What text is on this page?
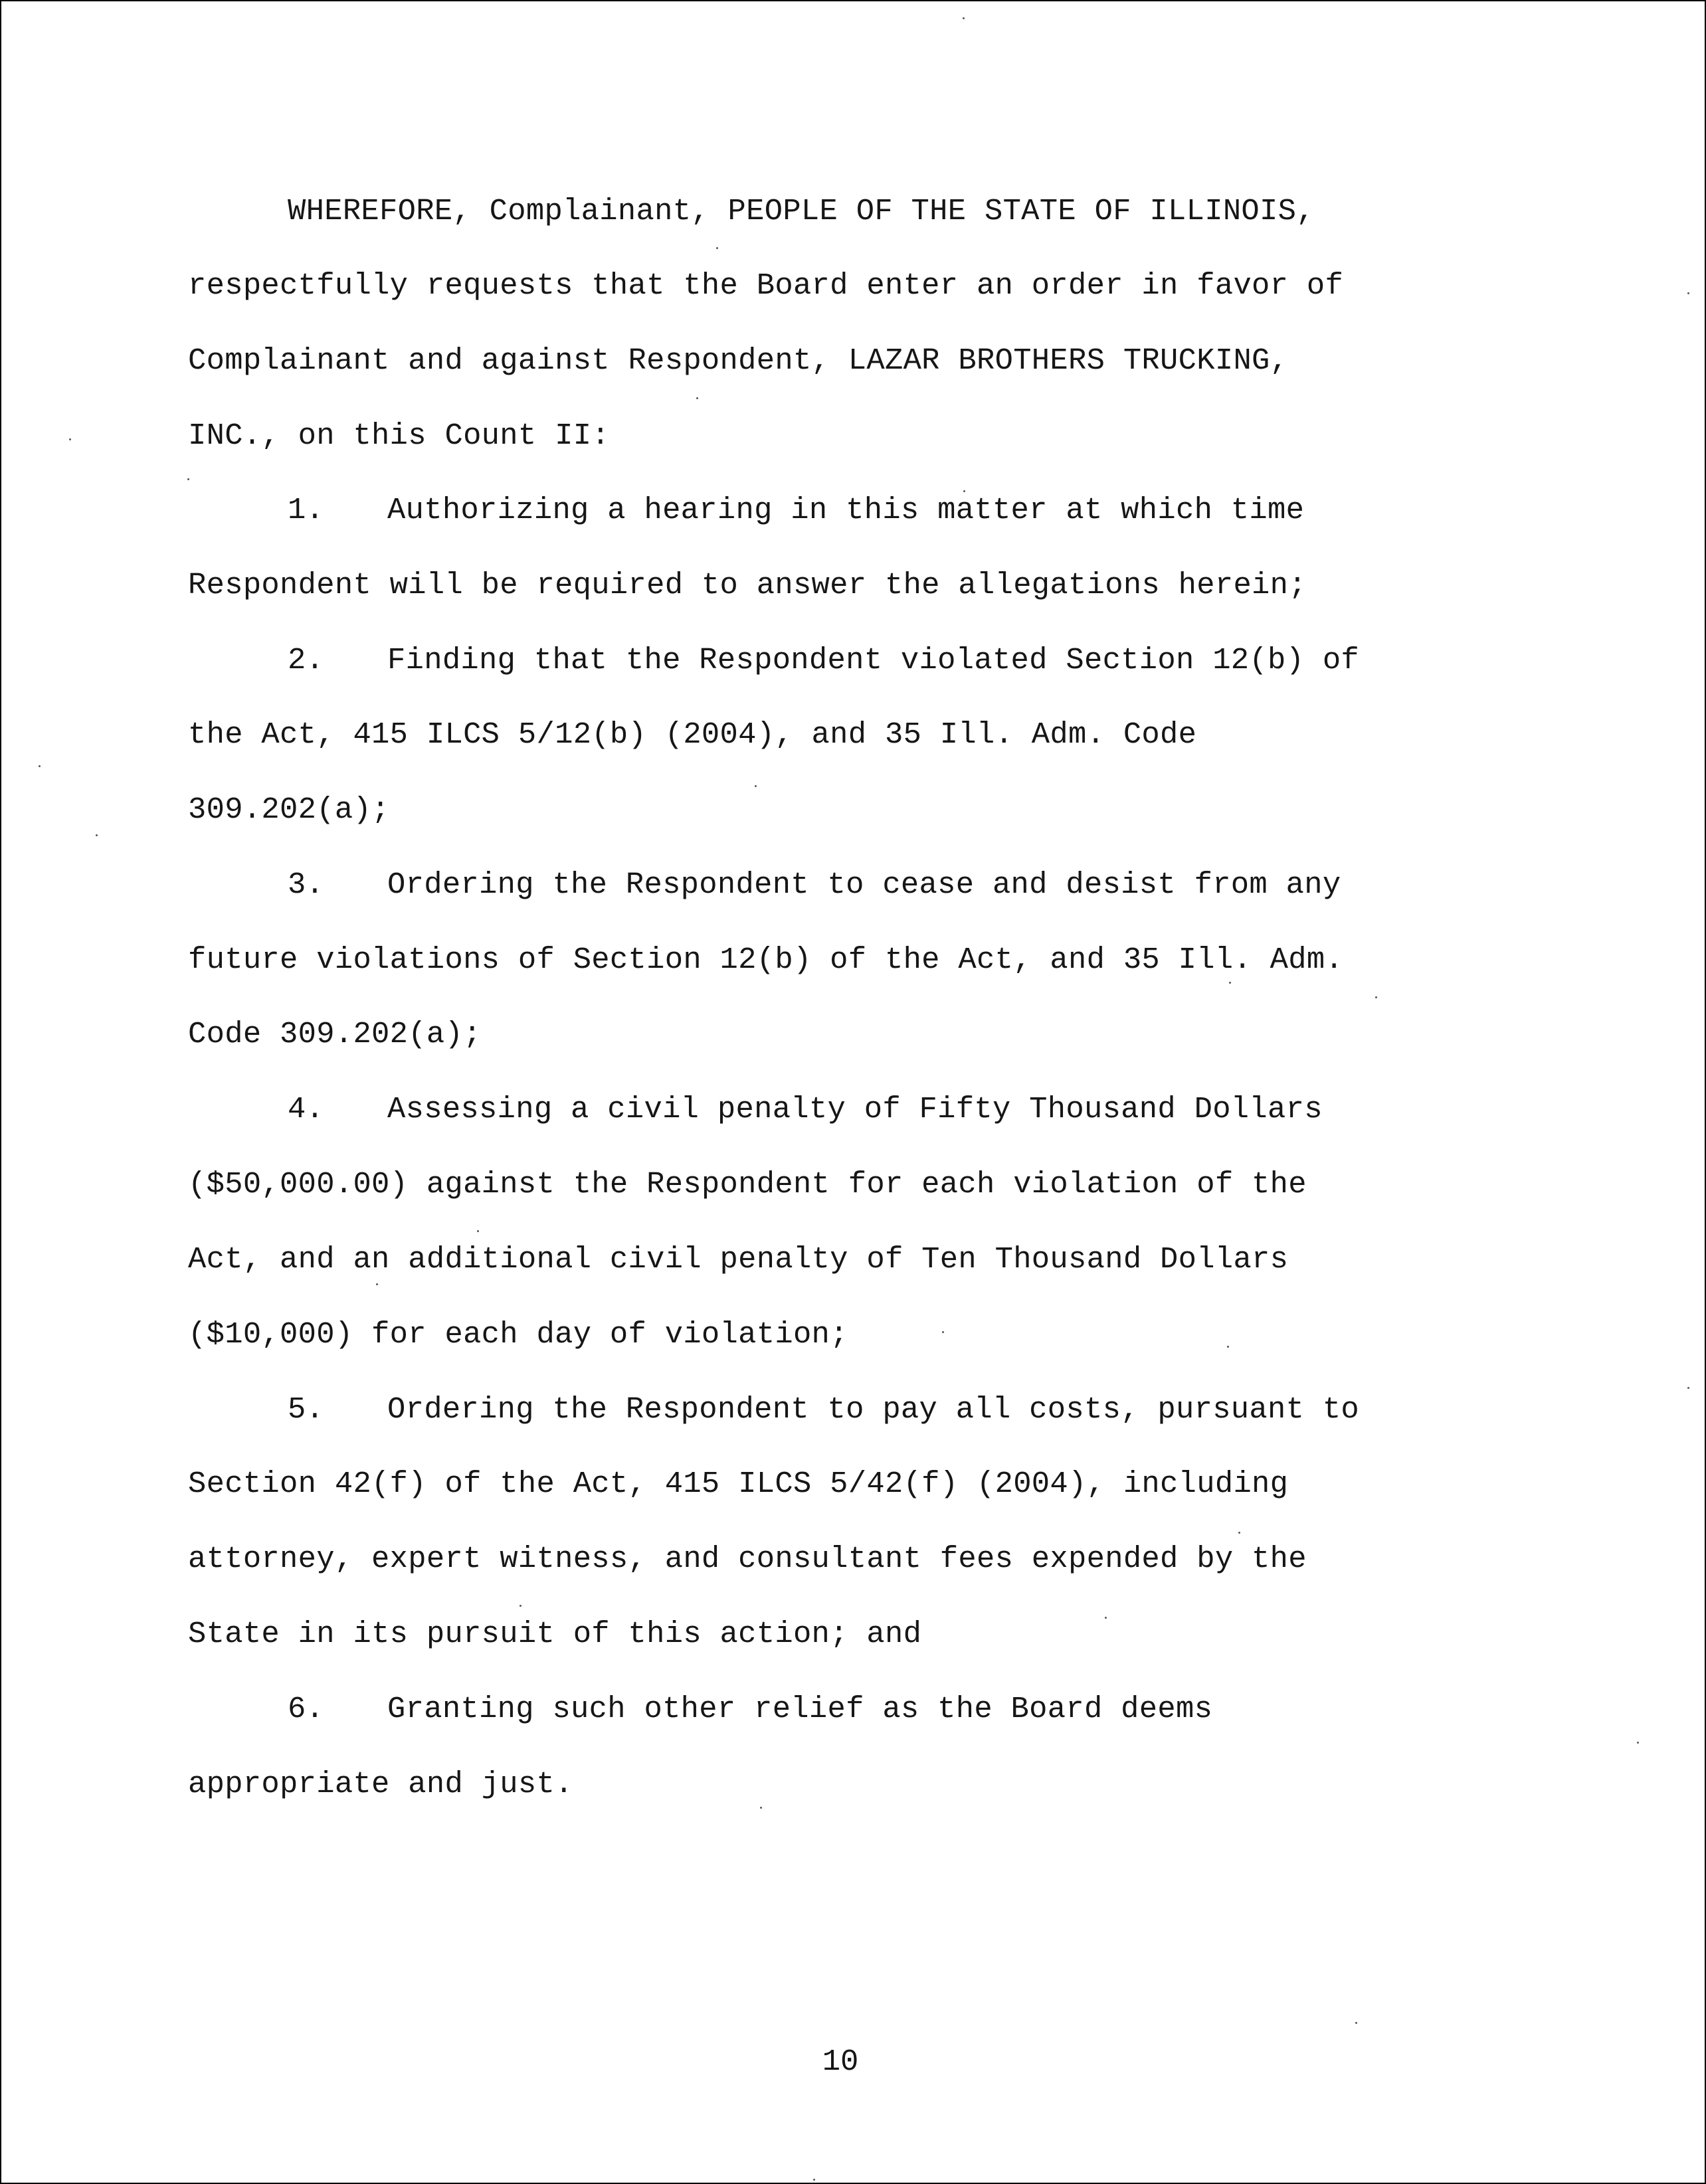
WHEREFORE, Complainant, PEOPLE OF THE STATE OF ILLINOIS,
respectfully requests that the Board enter an order in favor of
Complainant and against Respondent, LAZAR BROTHERS TRUCKING,
INC., on this Count II:
1. Authorizing a hearing in this matter at which time
Respondent will be required to answer the allegations herein;
2. Finding that the Respondent violated Section 12(b) of
the Act, 415 ILCS 5/12(b) (2004), and 35 Ill. Adm. Code
309.202(a);
3. Ordering the Respondent to cease and desist from any
future violations of Section 12(b) of the Act, and 35 Ill. Adm.
Code 309.202(a);
4. Assessing a civil penalty of Fifty Thousand Dollars
($50,000.00) against the Respondent for each violation of the
Act, and an additional civil penalty of Ten Thousand Dollars
($10,000) for each day of violation;
5. Ordering the Respondent to pay all costs, pursuant to
Section 42(f) of the Act, 415 ILCS 5/42(f) (2004), including
attorney, expert witness, and consultant fees expended by the
State in its pursuit of this action; and
6. Granting such other relief as the Board deems
appropriate and just.
10
